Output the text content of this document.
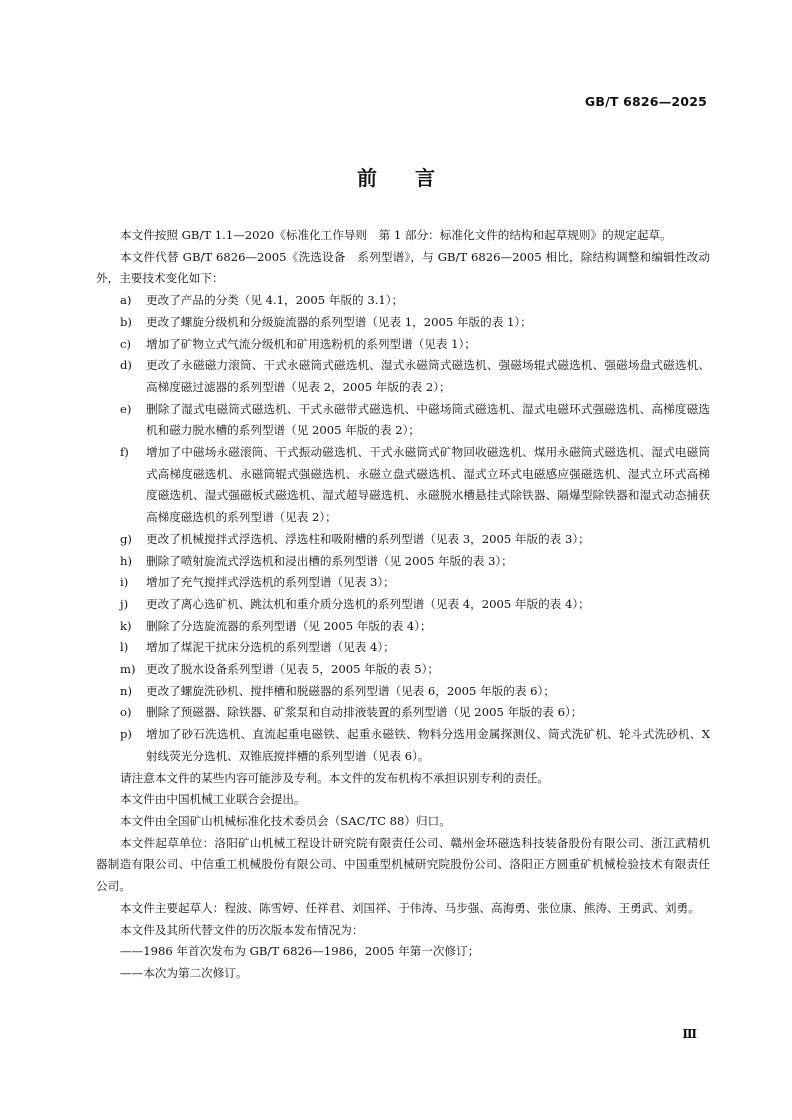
GB/T 6826—2025
前言

本文件按照 GB/T 1.1—2020《标准化工作导则　第 1 部分：标准化文件的结构和起草规则》的规定起草。

本文件代替 GB/T 6826—2005《洗选设备　系列型谱》，与 GB/T 6826—2005 相比，除结构调整和编辑性改动外，主要技术变化如下：

a)	更改了产品的分类（见 4.1，2005 年版的 3.1）；
b)	更改了螺旋分级机和分级旋流器的系列型谱（见表 1，2005 年版的表 1）；
c)	增加了矿物立式气流分级机和矿用选粉机的系列型谱（见表 1）；
d)	更改了永磁磁力滚筒、干式永磁筒式磁选机、湿式永磁筒式磁选机、强磁场辊式磁选机、强磁场盘式磁选机、高梯度磁过滤器的系列型谱（见表 2，2005 年版的表 2）；
e)	删除了湿式电磁筒式磁选机、干式永磁带式磁选机、中磁场筒式磁选机、湿式电磁环式强磁选机、高梯度磁选机和磁力脱水槽的系列型谱（见 2005 年版的表 2）；
f)	增加了中磁场永磁滚筒、干式振动磁选机、干式永磁筒式矿物回收磁选机、煤用永磁筒式磁选机、湿式电磁筒式高梯度磁选机、永磁筒辊式强磁选机、永磁立盘式磁选机、湿式立环式电磁感应强磁选机、湿式立环式高梯度磁选机、湿式强磁板式磁选机、湿式超导磁选机、永磁脱水槽悬挂式除铁器、隔爆型除铁器和湿式动态捕获高梯度磁选机的系列型谱（见表 2）；
g)	更改了机械搅拌式浮选机、浮选柱和吸附槽的系列型谱（见表 3，2005 年版的表 3）；
h)	删除了喷射旋流式浮选机和浸出槽的系列型谱（见 2005 年版的表 3）；
i)	增加了充气搅拌式浮选机的系列型谱（见表 3）；
j)	更改了离心选矿机、跳汰机和重介质分选机的系列型谱（见表 4，2005 年版的表 4）；
k)	删除了分选旋流器的系列型谱（见 2005 年版的表 4）；
l)	增加了煤泥干扰床分选机的系列型谱（见表 4）；
m) 更改了脱水设备系列型谱（见表 5，2005 年版的表 5）；
n)	更改了螺旋洗砂机、搅拌槽和脱磁器的系列型谱（见表 6，2005 年版的表 6）；
o)	删除了预磁器、除铁器、矿浆泵和自动排液装置的系列型谱（见 2005 年版的表 6）；
p)	增加了砂石洗选机、直流起重电磁铁、起重永磁铁、物料分选用金属探测仪、筒式洗矿机、轮斗式洗砂机、X 射线荧光分选机、双锥底搅拌槽的系列型谱（见表 6）。

请注意本文件的某些内容可能涉及专利。本文件的发布机构不承担识别专利的责任。

本文件由中国机械工业联合会提出。

本文件由全国矿山机械标准化技术委员会（SAC/TC 88）归口。

本文件起草单位：洛阳矿山机械工程设计研究院有限责任公司、赣州金环磁选科技装备股份有限公司、浙江武精机器制造有限公司、中信重工机械股份有限公司、中国重型机械研究院股份公司、洛阳正方圆重矿机械检验技术有限责任公司。

本文件主要起草人：程波、陈雪婷、任祥君、刘国祥、于伟涛、马步强、高海勇、张位康、熊涛、王勇武、刘勇。

本文件及其所代替文件的历次版本发布情况为：

——1986 年首次发布为 GB/T 6826—1986，2005 年第一次修订；

——本次为第二次修订。

Ⅲ
